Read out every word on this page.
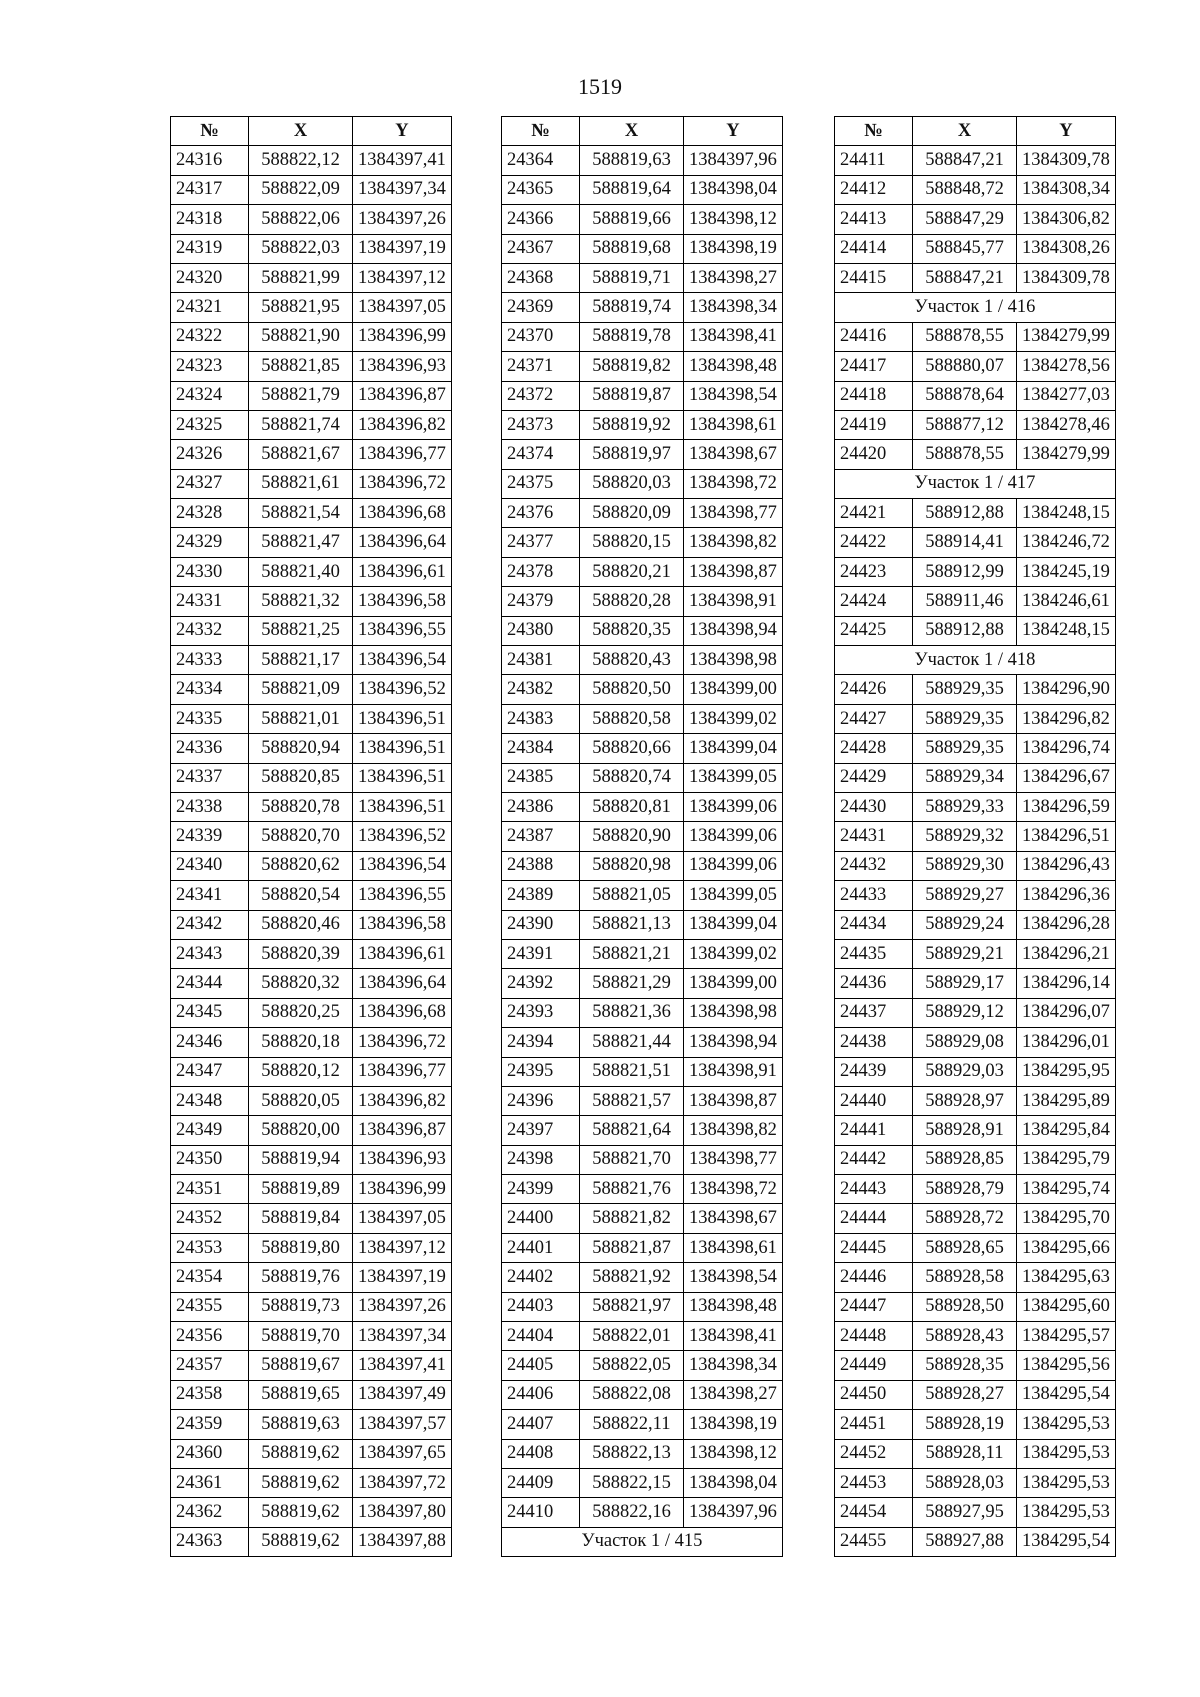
1519
№	X	Y
24316	588822,12	1384397,41
24317	588822,09	1384397,34
24318	588822,06	1384397,26
24319	588822,03	1384397,19
24320	588821,99	1384397,12
24321	588821,95	1384397,05
24322	588821,90	1384396,99
24323	588821,85	1384396,93
24324	588821,79	1384396,87
24325	588821,74	1384396,82
24326	588821,67	1384396,77
24327	588821,61	1384396,72
24328	588821,54	1384396,68
24329	588821,47	1384396,64
24330	588821,40	1384396,61
24331	588821,32	1384396,58
24332	588821,25	1384396,55
24333	588821,17	1384396,54
24334	588821,09	1384396,52
24335	588821,01	1384396,51
24336	588820,94	1384396,51
24337	588820,85	1384396,51
24338	588820,78	1384396,51
24339	588820,70	1384396,52
24340	588820,62	1384396,54
24341	588820,54	1384396,55
24342	588820,46	1384396,58
24343	588820,39	1384396,61
24344	588820,32	1384396,64
24345	588820,25	1384396,68
24346	588820,18	1384396,72
24347	588820,12	1384396,77
24348	588820,05	1384396,82
24349	588820,00	1384396,87
24350	588819,94	1384396,93
24351	588819,89	1384396,99
24352	588819,84	1384397,05
24353	588819,80	1384397,12
24354	588819,76	1384397,19
24355	588819,73	1384397,26
24356	588819,70	1384397,34
24357	588819,67	1384397,41
24358	588819,65	1384397,49
24359	588819,63	1384397,57
24360	588819,62	1384397,65
24361	588819,62	1384397,72
24362	588819,62	1384397,80
24363	588819,62	1384397,88
№	X	Y
24364	588819,63	1384397,96
24365	588819,64	1384398,04
24366	588819,66	1384398,12
24367	588819,68	1384398,19
24368	588819,71	1384398,27
24369	588819,74	1384398,34
24370	588819,78	1384398,41
24371	588819,82	1384398,48
24372	588819,87	1384398,54
24373	588819,92	1384398,61
24374	588819,97	1384398,67
24375	588820,03	1384398,72
24376	588820,09	1384398,77
24377	588820,15	1384398,82
24378	588820,21	1384398,87
24379	588820,28	1384398,91
24380	588820,35	1384398,94
24381	588820,43	1384398,98
24382	588820,50	1384399,00
24383	588820,58	1384399,02
24384	588820,66	1384399,04
24385	588820,74	1384399,05
24386	588820,81	1384399,06
24387	588820,90	1384399,06
24388	588820,98	1384399,06
24389	588821,05	1384399,05
24390	588821,13	1384399,04
24391	588821,21	1384399,02
24392	588821,29	1384399,00
24393	588821,36	1384398,98
24394	588821,44	1384398,94
24395	588821,51	1384398,91
24396	588821,57	1384398,87
24397	588821,64	1384398,82
24398	588821,70	1384398,77
24399	588821,76	1384398,72
24400	588821,82	1384398,67
24401	588821,87	1384398,61
24402	588821,92	1384398,54
24403	588821,97	1384398,48
24404	588822,01	1384398,41
24405	588822,05	1384398,34
24406	588822,08	1384398,27
24407	588822,11	1384398,19
24408	588822,13	1384398,12
24409	588822,15	1384398,04
24410	588822,16	1384397,96
Участок 1 / 415		
№	X	Y
24411	588847,21	1384309,78
24412	588848,72	1384308,34
24413	588847,29	1384306,82
24414	588845,77	1384308,26
24415	588847,21	1384309,78
Участок 1 / 416		
24416	588878,55	1384279,99
24417	588880,07	1384278,56
24418	588878,64	1384277,03
24419	588877,12	1384278,46
24420	588878,55	1384279,99
Участок 1 / 417		
24421	588912,88	1384248,15
24422	588914,41	1384246,72
24423	588912,99	1384245,19
24424	588911,46	1384246,61
24425	588912,88	1384248,15
Участок 1 / 418		
24426	588929,35	1384296,90
24427	588929,35	1384296,82
24428	588929,35	1384296,74
24429	588929,34	1384296,67
24430	588929,33	1384296,59
24431	588929,32	1384296,51
24432	588929,30	1384296,43
24433	588929,27	1384296,36
24434	588929,24	1384296,28
24435	588929,21	1384296,21
24436	588929,17	1384296,14
24437	588929,12	1384296,07
24438	588929,08	1384296,01
24439	588929,03	1384295,95
24440	588928,97	1384295,89
24441	588928,91	1384295,84
24442	588928,85	1384295,79
24443	588928,79	1384295,74
24444	588928,72	1384295,70
24445	588928,65	1384295,66
24446	588928,58	1384295,63
24447	588928,50	1384295,60
24448	588928,43	1384295,57
24449	588928,35	1384295,56
24450	588928,27	1384295,54
24451	588928,19	1384295,53
24452	588928,11	1384295,53
24453	588928,03	1384295,53
24454	588927,95	1384295,53
24455	588927,88	1384295,54
